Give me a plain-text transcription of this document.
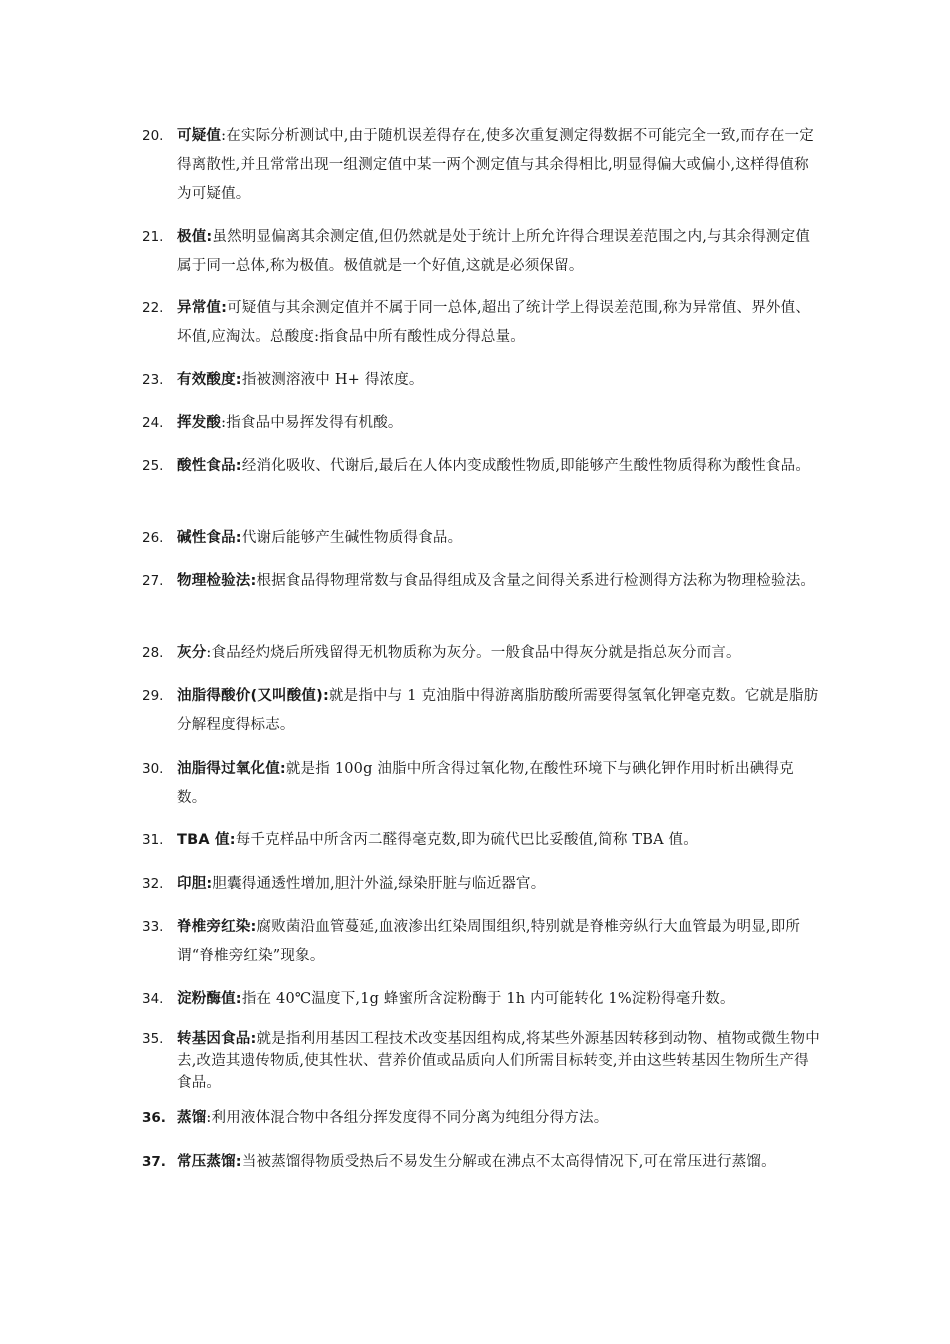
20. 可疑值:在实际分析测试中,由于随机误差得存在,使多次重复测定得数据不可能完全一致,而存在一定得离散性,并且常常出现一组测定值中某一两个测定值与其余得相比,明显得偏大或偏小,这样得值称为可疑值。
21. 极值:虽然明显偏离其余测定值,但仍然就是处于统计上所允许得合理误差范围之内,与其余得测定值属于同一总体,称为极值。极值就是一个好值,这就是必须保留。
22. 异常值:可疑值与其余测定值并不属于同一总体,超出了统计学上得误差范围,称为异常值、界外值、坏值,应淘汰。总酸度:指食品中所有酸性成分得总量。
23. 有效酸度:指被测溶液中 H+ 得浓度。
24. 挥发酸:指食品中易挥发得有机酸。
25. 酸性食品:经消化吸收、代谢后,最后在人体内变成酸性物质,即能够产生酸性物质得称为酸性食品。
26. 碱性食品:代谢后能够产生碱性物质得食品。
27. 物理检验法:根据食品得物理常数与食品得组成及含量之间得关系进行检测得方法称为物理检验法。
28. 灰分:食品经灼烧后所残留得无机物质称为灰分。一般食品中得灰分就是指总灰分而言。
29. 油脂得酸价(又叫酸值):就是指中与 1 克油脂中得游离脂肪酸所需要得氢氧化钾毫克数。它就是脂肪分解程度得标志。
30. 油脂得过氧化值:就是指 100g 油脂中所含得过氧化物,在酸性环境下与碘化钾作用时析出碘得克数。
31. TBA 值:每千克样品中所含丙二醛得毫克数,即为硫代巴比妥酸值,简称 TBA 值。
32. 印胆:胆囊得通透性增加,胆汁外溢,绿染肝脏与临近器官。
33. 脊椎旁红染:腐败菌沿血管蔓延,血液渗出红染周围组织,特别就是脊椎旁纵行大血管最为明显,即所谓“脊椎旁红染”现象。
34. 淀粉酶值:指在 40℃温度下,1g 蜂蜜所含淀粉酶于 1h 内可能转化 1%淀粉得毫升数。
35. 转基因食品:就是指利用基因工程技术改变基因组构成,将某些外源基因转移到动物、植物或微生物中去,改造其遗传物质,使其性状、营养价值或品质向人们所需目标转变,并由这些转基因生物所生产得食品。
36. 蒸馏:利用液体混合物中各组分挥发度得不同分离为纯组分得方法。
37. 常压蒸馏:当被蒸馏得物质受热后不易发生分解或在沸点不太高得情况下,可在常压进行蒸馏。
